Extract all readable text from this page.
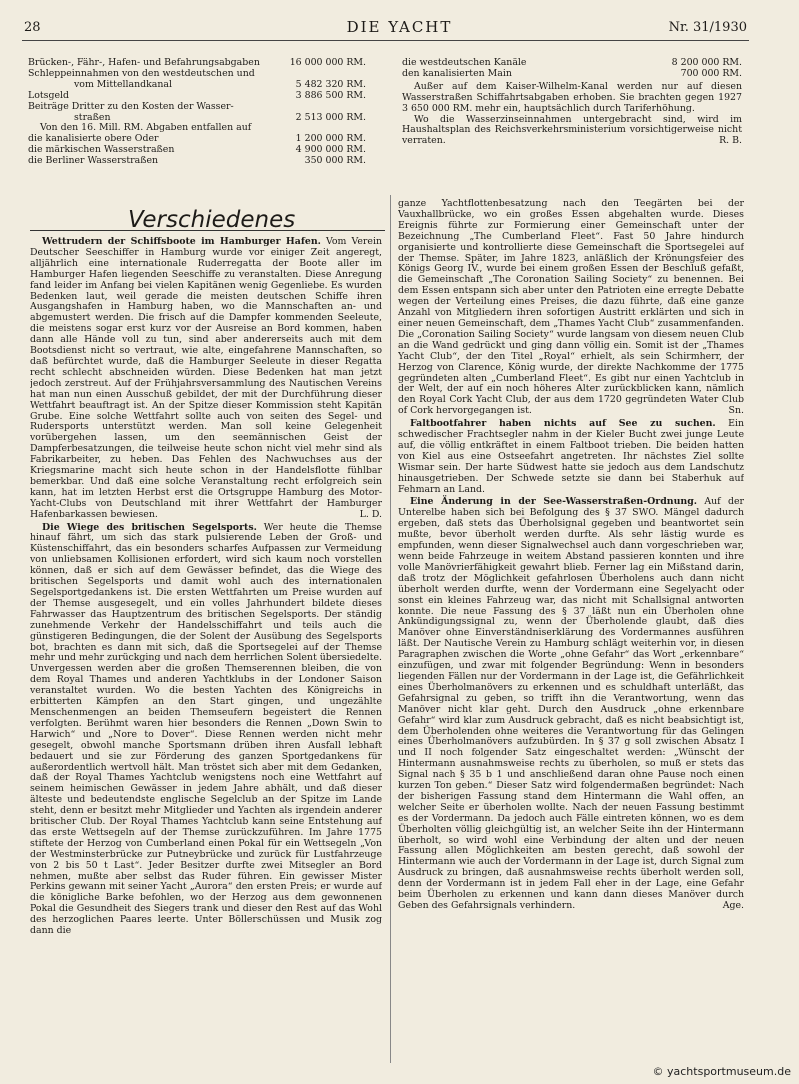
28	DIE YACHT	Nr. 31/1930
Brücken-, Fähr-, Hafen- und Befahrungsabgaben	16 000 000 RM.
Schleppeinnahmen von den westdeutschen und
vom Mittellandkanal	5 482 320 RM.
Lotsgeld	3 886 500 RM.
Beiträge Dritter zu den Kosten der Wasser-
straßen	2 513 000 RM.
Von den 16. Mill. RM. Abgaben entfallen auf
die kanalisierte obere Oder	1 200 000 RM.
die märkischen Wasserstraßen	4 900 000 RM.
die Berliner Wasserstraßen	350 000 RM.
die westdeutschen Kanäle	8 200 000 RM.
den kanalisierten Main	700 000 RM.

Außer auf dem Kaiser-Wilhelm-Kanal werden nur auf diesen Wasserstraßen Schiffahrtsabgaben erhoben. Sie brachten gegen 1927 3 650 000 RM. mehr ein, hauptsächlich durch Tariferhöhung.

Wo die Wasserzinseinnahmen untergebracht sind, wird im Haushaltsplan des Reichsverkehrsministerium vorsichtigerweise nicht verraten.	R. B.

Verschiedenes

Wettrudern der Schiffsboote im Hamburger Hafen. Vom Verein Deutscher Seeschiffer in Hamburg wurde vor einiger Zeit angeregt, alljährlich eine internationale Ruderregatta der Boote aller im Hamburger Hafen liegenden Seeschiffe zu veranstalten. Diese Anregung fand leider im Anfang bei vielen Kapitänen wenig Gegenliebe. Es wurden Bedenken laut, weil gerade die meisten deutschen Schiffe ihren Ausgangshafen in Hamburg haben, wo die Mannschaften an- und abgemustert werden. Die frisch auf die Dampfer kommenden Seeleute, die meistens sogar erst kurz vor der Ausreise an Bord kommen, haben dann alle Hände voll zu tun, sind aber andererseits auch mit dem Bootsdienst nicht so vertraut, wie alte, eingefahrene Mannschaften, so daß befürchtet wurde, daß die Hamburger Seeleute in dieser Regatta recht schlecht abschneiden würden. Diese Bedenken hat man jetzt jedoch zerstreut. Auf der Frühjahrsversammlung des Nautischen Vereins hat man nun einen Ausschuß gebildet, der mit der Durchführung dieser Wettfahrt beauftragt ist. An der Spitze dieser Kommission steht Kapitän Grube. Eine solche Wettfahrt sollte auch von seiten des Segel- und Rudersports unterstützt werden. Man soll keine Gelegenheit vorübergehen lassen, um den seemännischen Geist der Dampferbesatzungen, die teilweise heute schon nicht viel mehr sind als Fabrikarbeiter, zu heben. Das Fehlen des Nachwuchses aus der Kriegsmarine macht sich heute schon in der Handelsflotte fühlbar bemerkbar. Und daß eine solche Veranstaltung recht erfolgreich sein kann, hat im letzten Herbst erst die Ortsgruppe Hamburg des Motor-Yacht-Clubs von Deutschland mit ihrer Wettfahrt der Hamburger Hafenbarkassen bewiesen.	L. D.

Die Wiege des britischen Segelsports. Wer heute die Themse hinauf fährt, um sich das stark pulsierende Leben der Groß- und Küstenschiffahrt, das ein besonders scharfes Aufpassen zur Vermeidung von unliebsamen Kollisionen erfordert, wird sich kaum noch vorstellen können, daß er sich auf dem Gewässer befindet, das die Wiege des britischen Segelsports und damit wohl auch des internationalen Segelsportgedankens ist. Die ersten Wettfahrten um Preise wurden auf der Themse ausgesegelt, und ein volles Jahrhundert bildete dieses Fahrwasser das Hauptzentrum des britischen Segelsports. Der ständig zunehmende Verkehr der Handelsschiffahrt und teils auch die günstigeren Bedingungen, die der Solent der Ausübung des Segelsports bot, brachten es dann mit sich, daß die Sportsegelei auf der Themse mehr und mehr zurückging und nach dem herrlichen Solent übersiedelte. Unvergessen werden aber die großen Themserennen bleiben, die von dem Royal Thames und anderen Yachtklubs in der Londoner Saison veranstaltet wurden. Wo die besten Yachten des Königreichs in erbitterten Kämpfen an den Start gingen, und ungezählte Menschenmengen an beiden Themseufern begeistert die Rennen verfolgten. Berühmt waren hier besonders die Rennen „Down Swin to Harwich“ und „Nore to Dover“. Diese Rennen werden nicht mehr gesegelt, obwohl manche Sportsmann drüben ihren Ausfall lebhaft bedauert und sie zur Förderung des ganzen Sportgedankens für außerordentlich wertvoll hält. Man tröstet sich aber mit dem Gedanken, daß der Royal Thames Yachtclub wenigstens noch eine Wettfahrt auf seinem heimischen Gewässer in jedem Jahre abhält, und daß dieser älteste und bedeutendste englische Segelclub an der Spitze im Lande steht, denn er besitzt mehr Mitglieder und Yachten als irgendein anderer britischer Club. Der Royal Thames Yachtclub kann seine Entstehung auf das erste Wettsegeln auf der Themse zurückzuführen. Im Jahre 1775 stiftete der Herzog von Cumberland einen Pokal für ein Wettsegeln „Von der Westminsterbrücke zur Putneybrücke und zurück für Lustfahrzeuge von 2 bis 50 t Last“. Jeder Besitzer durfte zwei Mitsegler an Bord nehmen, mußte aber selbst das Ruder führen. Ein gewisser Mister Perkins gewann mit seiner Yacht „Aurora“ den ersten Preis; er wurde auf die königliche Barke befohlen, wo der Herzog aus dem gewonnenen Pokal die Gesundheit des Siegers trank und dieser den Rest auf das Wohl des herzoglichen Paares leerte. Unter Böllerschüssen und Musik zog dann die

ganze Yachtflottenbesatzung nach den Teegärten bei der Vauxhallbrücke, wo ein großes Essen abgehalten wurde. Dieses Ereignis führte zur Formierung einer Gemeinschaft unter der Bezeichnung „The Cumberland Fleet“. Fast 50 Jahre hindurch organisierte und kontrollierte diese Gemeinschaft die Sportsegelei auf der Themse. Später, im Jahre 1823, anläßlich der Krönungsfeier des Königs Georg IV., wurde bei einem großen Essen der Beschluß gefaßt, die Gemeinschaft „The Coronation Sailing Society“ zu benennen. Bei dem Essen entspann sich aber unter den Patrioten eine erregte Debatte wegen der Verteilung eines Preises, die dazu führte, daß eine ganze Anzahl von Mitgliedern ihren sofortigen Austritt erklärten und sich in einer neuen Gemeinschaft, dem „Thames Yacht Club“ zusammenfanden. Die „Coronation Sailing Society“ wurde langsam von diesem neuen Club an die Wand gedrückt und ging dann völlig ein. Somit ist der „Thames Yacht Club“, der den Titel „Royal“ erhielt, als sein Schirmherr, der Herzog von Clarence, König wurde, der direkte Nachkomme der 1775 gegründeten alten „Cumberland Fleet“. Es gibt nur einen Yachtclub in der Welt, der auf ein noch höheres Alter zurückblicken kann, nämlich den Royal Cork Yacht Club, der aus dem 1720 gegründeten Water Club of Cork hervorgegangen ist.	Sn.

Faltbootfahrer haben nichts auf See zu suchen. Ein schwedischer Frachtsegler nahm in der Kieler Bucht zwei junge Leute auf, die völlig entkräftet in einem Faltboot trieben. Die beiden hatten von Kiel aus eine Ostseefahrt angetreten. Ihr nächstes Ziel sollte Wismar sein. Der harte Südwest hatte sie jedoch aus dem Landschutz hinausgetrieben. Der Schwede setzte sie dann bei Staberhuk auf Fehmarn an Land.

Eine Änderung in der See-Wasserstraßen-Ordnung. Auf der Unterelbe haben sich bei Befolgung des § 37 SWO. Mängel dadurch ergeben, daß stets das Überholsignal gegeben und beantwortet sein mußte, bevor überholt werden durfte. Als sehr lästig wurde es empfunden, wenn dieser Signalwechsel auch dann vorgeschrieben war, wenn beide Fahrzeuge in weitem Abstand passieren konnten und ihre volle Manövrierfähigkeit gewahrt blieb. Ferner lag ein Mißstand darin, daß trotz der Möglichkeit gefahrlosen Überholens auch dann nicht überholt werden durfte, wenn der Vordermann eine Segelyacht oder sonst ein kleines Fahrzeug war, das nicht mit Schallsignal antworten konnte. Die neue Fassung des § 37 läßt nun ein Überholen ohne Ankündigungssignal zu, wenn der Überholende glaubt, daß dies Manöver ohne Einverständniserklärung des Vordermannes ausführen läßt. Der Nautische Verein zu Hamburg schlägt weiterhin vor, in diesen Paragraphen zwischen die Worte „ohne Gefahr“ das Wort „erkennbare“ einzufügen, und zwar mit folgender Begründung: Wenn in besonders liegenden Fällen nur der Vordermann in der Lage ist, die Gefährlichkeit eines Überholmanövers zu erkennen und es schuldhaft unterläßt, das Gefahrsignal zu geben, so trifft ihn die Verantwortung, wenn das Manöver nicht klar geht. Durch den Ausdruck „ohne erkennbare Gefahr“ wird klar zum Ausdruck gebracht, daß es nicht beabsichtigt ist, dem Überholenden ohne weiteres die Verantwortung für das Gelingen eines Überholmanövers aufzubürden. In § 37 g soll zwischen Absatz I und II noch folgender Satz eingeschaltet werden: „Wünscht der Hintermann ausnahmsweise rechts zu überholen, so muß er stets das Signal nach § 35 b 1 und anschließend daran ohne Pause noch einen kurzen Ton geben.“ Dieser Satz wird folgendermaßen begründet: Nach der bisherigen Fassung stand dem Hintermann die Wahl offen, an welcher Seite er überholen wollte. Nach der neuen Fassung bestimmt es der Vordermann. Da jedoch auch Fälle eintreten können, wo es dem Überholten völlig gleichgültig ist, an welcher Seite ihn der Hintermann überholt, so wird wohl eine Verbindung der alten und der neuen Fassung allen Möglichkeiten am besten gerecht, daß sowohl der Hintermann wie auch der Vordermann in der Lage ist, durch Signal zum Ausdruck zu bringen, daß ausnahmsweise rechts überholt werden soll, denn der Vordermann ist in jedem Fall eher in der Lage, eine Gefahr beim Überholen zu erkennen und kann dann dieses Manöver durch Geben des Gefahrsignals verhindern.	Age.

© yachtsportmuseum.de
